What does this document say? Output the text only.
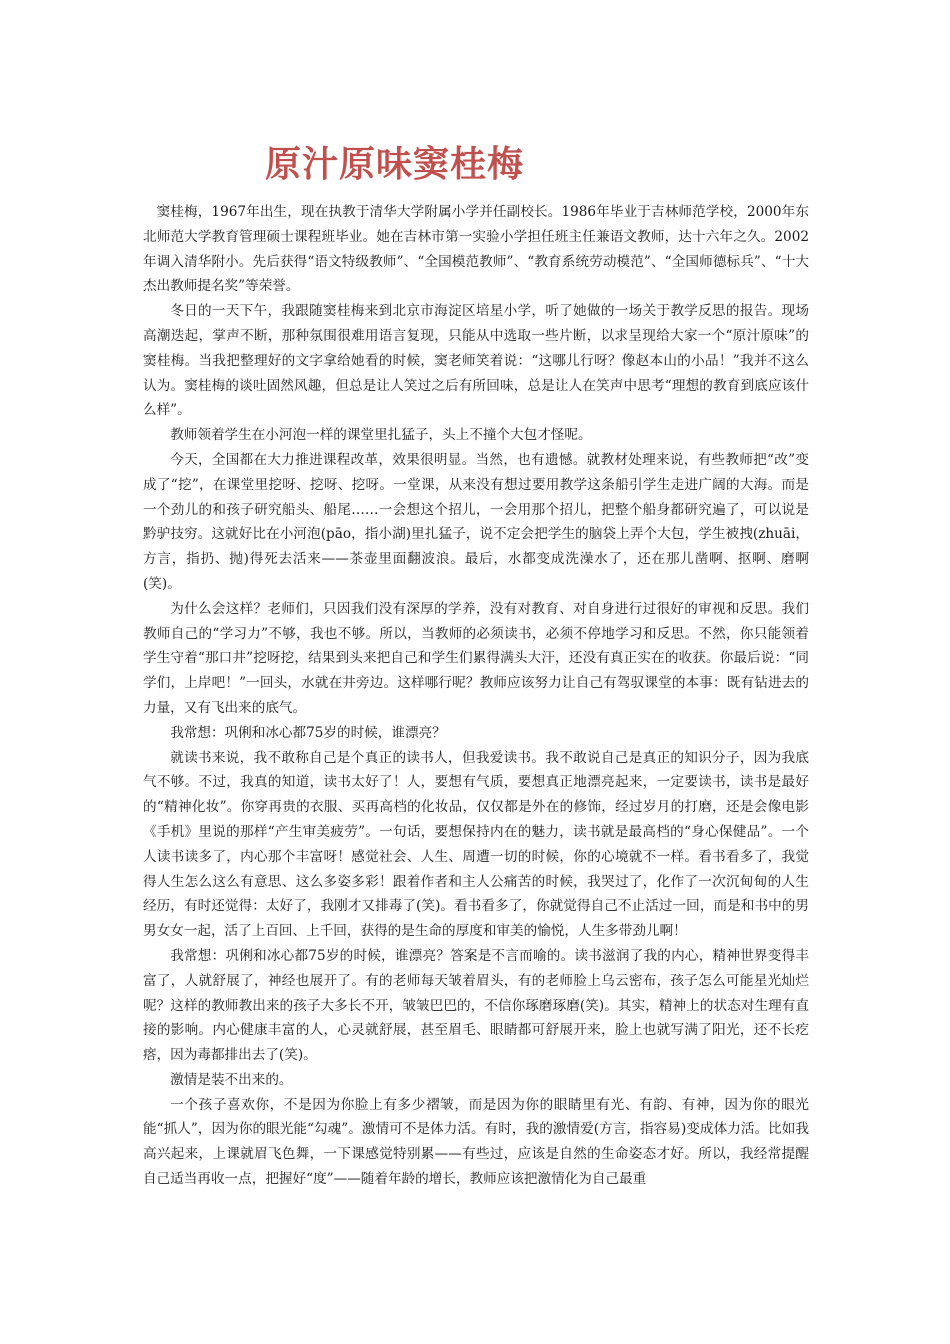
原汁原味窦桂梅

窦桂梅，1967年出生，现在执教于清华大学附属小学并任副校长。1986年毕业于吉林师范学校，2000年东北师范大学教育管理硕士课程班毕业。她在吉林市第一实验小学担任班主任兼语文教师，达十六年之久。2002年调入清华附小。先后获得“语文特级教师”、“全国模范教师”、“教育系统劳动模范”、“全国师德标兵”、“十大杰出教师提名奖”等荣誉。

冬日的一天下午，我跟随窦桂梅来到北京市海淀区培星小学，听了她做的一场关于教学反思的报告。现场高潮迭起，掌声不断，那种氛围很难用语言复现，只能从中选取一些片断，以求呈现给大家一个“原汁原味”的窦桂梅。当我把整理好的文字拿给她看的时候，窦老师笑着说：“这哪儿行呀？像赵本山的小品！”我并不这么认为。窦桂梅的谈吐固然风趣，但总是让人笑过之后有所回味，总是让人在笑声中思考“理想的教育到底应该什么样”。

教师领着学生在小河泡一样的课堂里扎猛子，头上不撞个大包才怪呢。

今天，全国都在大力推进课程改革，效果很明显。当然，也有遗憾。就教材处理来说，有些教师把“改”变成了“挖”，在课堂里挖呀、挖呀、挖呀。一堂课，从来没有想过要用教学这条船引学生走进广阔的大海。而是一个劲儿的和孩子研究船头、船尾……一会想这个招儿，一会用那个招儿，把整个船身都研究遍了，可以说是黔驴技穷。这就好比在小河泡(pāo，指小湖)里扎猛子，说不定会把学生的脑袋上弄个大包，学生被拽(zhuāi，方言，指扔、抛)得死去活来——茶壶里面翻波浪。最后，水都变成洗澡水了，还在那儿凿啊、抠啊、磨啊(笑)。

为什么会这样？老师们，只因我们没有深厚的学养，没有对教育、对自身进行过很好的审视和反思。我们教师自己的“学习力”不够，我也不够。所以，当教师的必须读书，必须不停地学习和反思。不然，你只能领着学生守着“那口井”挖呀挖，结果到头来把自己和学生们累得满头大汗，还没有真正实在的收获。你最后说：“同学们，上岸吧！”一回头，水就在井旁边。这样哪行呢？教师应该努力让自己有驾驭课堂的本事：既有钻进去的力量，又有飞出来的底气。

我常想：巩俐和冰心都75岁的时候，谁漂亮？

就读书来说，我不敢称自己是个真正的读书人，但我爱读书。我不敢说自己是真正的知识分子，因为我底气不够。不过，我真的知道，读书太好了！人，要想有气质，要想真正地漂亮起来，一定要读书，读书是最好的“精神化妆”。你穿再贵的衣服、买再高档的化妆品，仅仅都是外在的修饰，经过岁月的打磨，还是会像电影《手机》里说的那样“产生审美疲劳”。一句话，要想保持内在的魅力，读书就是最高档的“身心保健品”。一个人读书读多了，内心那个丰富呀！感觉社会、人生、周遭一切的时候，你的心境就不一样。看书看多了，我觉得人生怎么这么有意思、这么多姿多彩！跟着作者和主人公痛苦的时候，我哭过了，化作了一次沉甸甸的人生经历，有时还觉得：太好了，我刚才又排毒了(笑)。看书看多了，你就觉得自己不止活过一回，而是和书中的男男女女一起，活了上百回、上千回，获得的是生命的厚度和审美的愉悦，人生多带劲儿啊！

我常想：巩俐和冰心都75岁的时候，谁漂亮？答案是不言而喻的。读书滋润了我的内心，精神世界变得丰富了，人就舒展了，神经也展开了。有的老师每天皱着眉头，有的老师脸上乌云密布，孩子怎么可能星光灿烂呢？这样的教师教出来的孩子大多长不开，皱皱巴巴的，不信你琢磨琢磨(笑)。其实，精神上的状态对生理有直接的影响。内心健康丰富的人，心灵就舒展，甚至眉毛、眼睛都可舒展开来，脸上也就写满了阳光，还不长疙瘩，因为毒都排出去了(笑)。

激情是装不出来的。

一个孩子喜欢你，不是因为你脸上有多少褶皱，而是因为你的眼睛里有光、有韵、有神，因为你的眼光能“抓人”，因为你的眼光能“勾魂”。激情可不是体力活。有时，我的激情爱(方言，指容易)变成体力活。比如我高兴起来，上课就眉飞色舞，一下课感觉特别累——有些过，应该是自然的生命姿态才好。所以，我经常提醒自己适当再收一点，把握好“度”——随着年龄的增长，教师应该把激情化为自己最重
